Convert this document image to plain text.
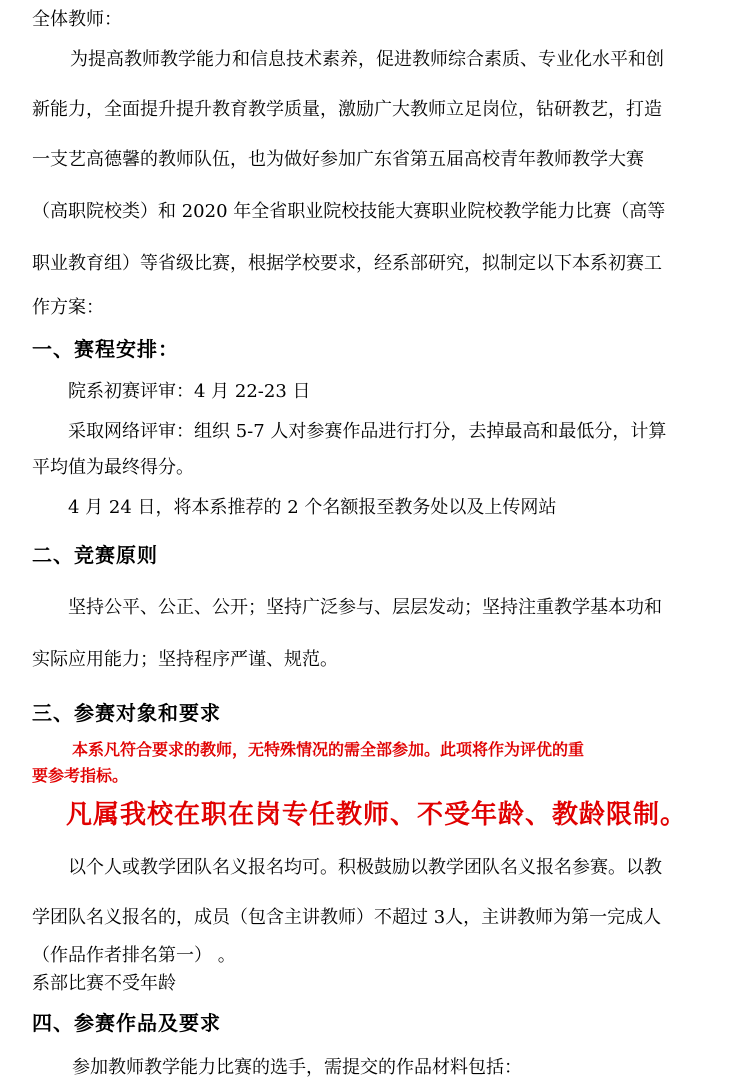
全体教师：
为提高教师教学能力和信息技术素养，促进教师综合素质、专业化水平和创
新能力，全面提升提升教育教学质量，激励广大教师立足岗位，钻研教艺，打造
一支艺高德馨的教师队伍，也为做好参加广东省第五届高校青年教师教学大赛
（高职院校类）和 2020 年全省职业院校技能大赛职业院校教学能力比赛（高等
职业教育组）等省级比赛，根据学校要求，经系部研究，拟制定以下本系初赛工
作方案：
一、赛程安排：
院系初赛评审：4 月 22-23 日
采取网络评审：组织 5-7 人对参赛作品进行打分，去掉最高和最低分，计算
平均值为最终得分。
4 月 24 日，将本系推荐的 2 个名额报至教务处以及上传网站
二、竞赛原则
坚持公平、公正、公开；坚持广泛参与、层层发动；坚持注重教学基本功和
实际应用能力；坚持程序严谨、规范。
三、参赛对象和要求
本系凡符合要求的教师，无特殊情况的需全部参加。此项将作为评优的重
要参考指标。
凡属我校在职在岗专任教师、不受年龄、教龄限制。
以个人或教学团队名义报名均可。积极鼓励以教学团队名义报名参赛。以教
学团队名义报名的，成员（包含主讲教师）不超过 3人，主讲教师为第一完成人
（作品作者排名第一） 。
系部比赛不受年龄
四、参赛作品及要求
参加教师教学能力比赛的选手，需提交的作品材料包括：
